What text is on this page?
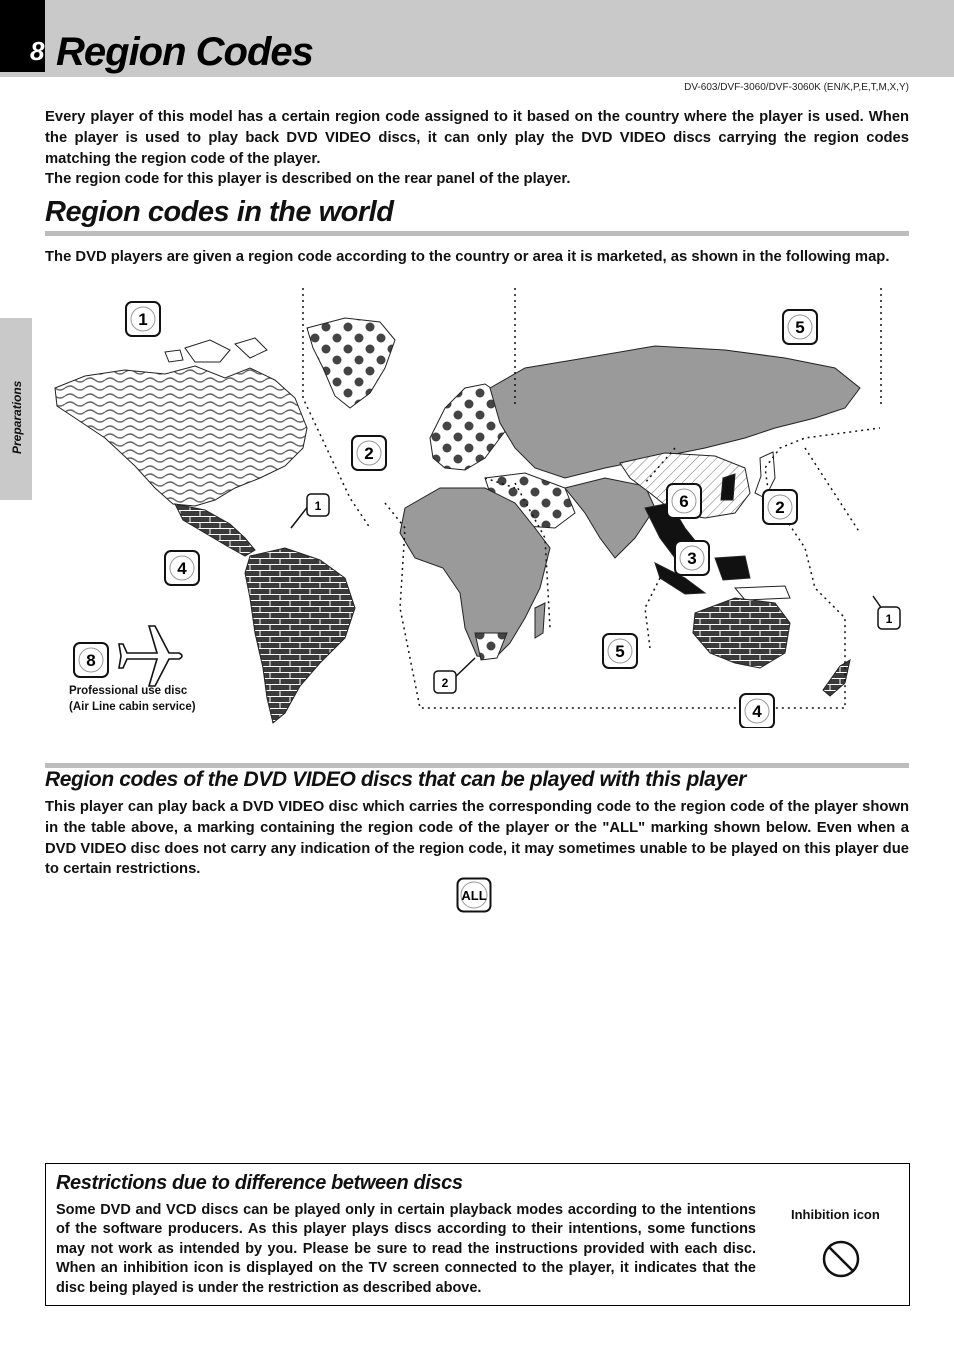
8 Region Codes
DV-603/DVF-3060/DVF-3060K (EN/K,P,E,T,M,X,Y)
Preparations

Every player of this model has a certain region code assigned to it based on the country where the player is used. When the player is used to play back DVD VIDEO discs, it can only play the DVD VIDEO discs carrying the region codes matching the region code of the player.

The region code for this player is described on the rear panel of the player.

Region codes in the world
The DVD players are given a region code according to the country or area it is marketed, as shown in the following map.
1
2
1
4
8
2
5
5
6	2
3
1
4
Professional use disc
(Air Line cabin service)
Region codes of the DVD VIDEO discs that can be played with this player
This player can play back a DVD VIDEO disc which carries the corresponding code to the region code of the player shown in the table above, a marking containing the region code of the player or the "ALL" marking shown below. Even when a DVD VIDEO disc does not carry any indication of the region code, it may sometimes unable to be played on this player due to certain restrictions.
ALL
Restrictions due to difference between discs
Some DVD and VCD discs can be played only in certain playback modes according to the intentions of the software producers. As this player plays discs according to their intentions, some functions may not work as intended by you. Please be sure to read the instructions provided with each disc. When an inhibition icon is displayed on the TV screen connected to the player, it indicates that the disc being played is under the restriction as described above.
Inhibition icon
